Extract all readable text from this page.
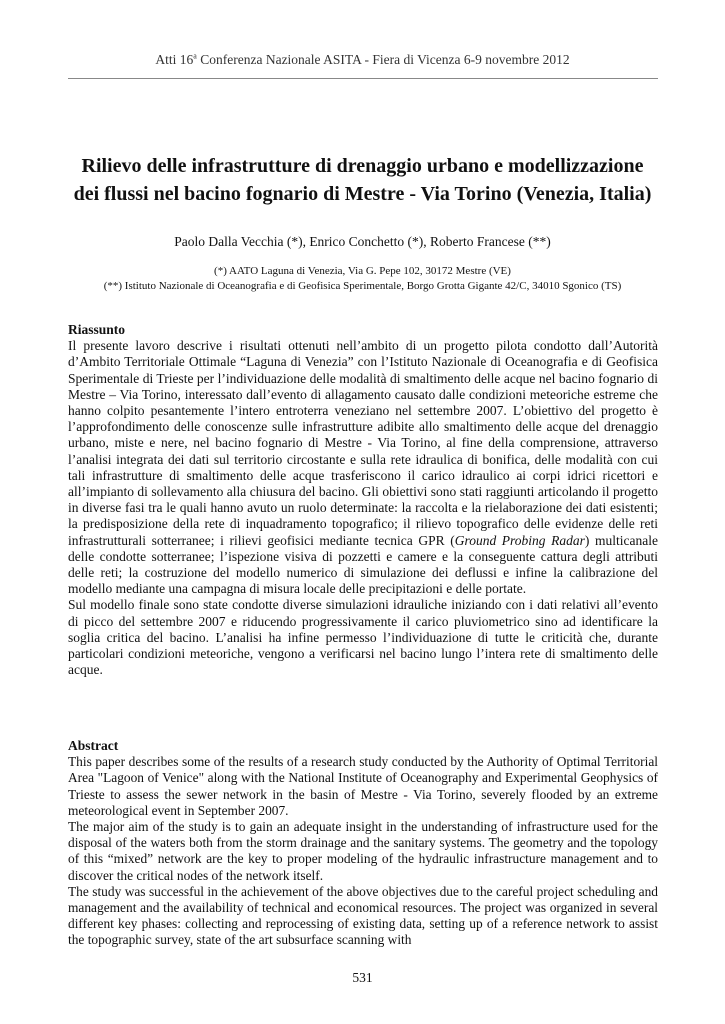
Atti 16$^a$ Conferenza Nazionale ASITA - Fiera di Vicenza 6-9 novembre 2012
Rilievo delle infrastrutture di drenaggio urbano e modellizzazione
dei flussi nel bacino fognario di Mestre - Via Torino (Venezia, Italia)
Paolo Dalla Vecchia (*), Enrico Conchetto (*), Roberto Francese (**)
(*) AATO Laguna di Venezia, Via G. Pepe 102, 30172 Mestre (VE)
(**) Istituto Nazionale di Oceanografia e di Geofisica Sperimentale, Borgo Grotta Gigante 42/C, 34010 Sgonico (TS)
Riassunto

Il presente lavoro descrive i risultati ottenuti nell’ambito di un progetto pilota condotto dall’Autorità d’Ambito Territoriale Ottimale “Laguna di Venezia” con l’Istituto Nazionale di Oceanografia e di Geofisica Sperimentale di Trieste per l’individuazione delle modalità di smaltimento delle acque nel bacino fognario di Mestre – Via Torino, interessato dall’evento di allagamento causato dalle condizioni meteoriche estreme che hanno colpito pesantemente l’intero entroterra veneziano nel settembre 2007. L’obiettivo del progetto è l’approfondimento delle conoscenze sulle infrastrutture adibite allo smaltimento delle acque del drenaggio urbano, miste e nere, nel bacino fognario di Mestre - Via Torino, al fine della comprensione, attraverso l’analisi integrata dei dati sul territorio circostante e sulla rete idraulica di bonifica, delle modalità con cui tali infrastrutture di smaltimento delle acque trasferiscono il carico idraulico ai corpi idrici ricettori e all’impianto di sollevamento alla chiusura del bacino. Gli obiettivi sono stati raggiunti articolando il progetto in diverse fasi tra le quali hanno avuto un ruolo determinate: la raccolta e la rielaborazione dei dati esistenti; la predisposizione della rete di inquadramento topografico; il rilievo topografico delle evidenze delle reti infrastrutturali sotterranee; i rilievi geofisici mediante tecnica GPR (Ground Probing Radar) multicanale delle condotte sotterranee; l’ispezione visiva di pozzetti e camere e la conseguente cattura degli attributi delle reti; la costruzione del modello numerico di simulazione dei deflussi e infine la calibrazione del modello mediante una campagna di misura locale delle precipitazioni e delle portate.

Sul modello finale sono state condotte diverse simulazioni idrauliche iniziando con i dati relativi all’evento di picco del settembre 2007 e riducendo progressivamente il carico pluviometrico sino ad identificare la soglia critica del bacino. L’analisi ha infine permesso l’individuazione di tutte le criticità che, durante particolari condizioni meteoriche, vengono a verificarsi nel bacino lungo l’intera rete di smaltimento delle acque.

Abstract

This paper describes some of the results of a research study conducted by the Authority of Optimal Territorial Area "Lagoon of Venice" along with the National Institute of Oceanography and Experimental Geophysics of Trieste to assess the sewer network in the basin of Mestre - Via Torino, severely flooded by an extreme meteorological event in September 2007.

The major aim of the study is to gain an adequate insight in the understanding of infrastructure used for the disposal of the waters both from the storm drainage and the sanitary systems. The geometry and the topology of this “mixed” network are the key to proper modeling of the hydraulic infrastructure management and to discover the critical nodes of the network itself.

The study was successful in the achievement of the above objectives due to the careful project scheduling and management and the availability of technical and economical resources. The project was organized in several different key phases: collecting and reprocessing of existing data, setting up of a reference network to assist the topographic survey, state of the art subsurface scanning with

531
